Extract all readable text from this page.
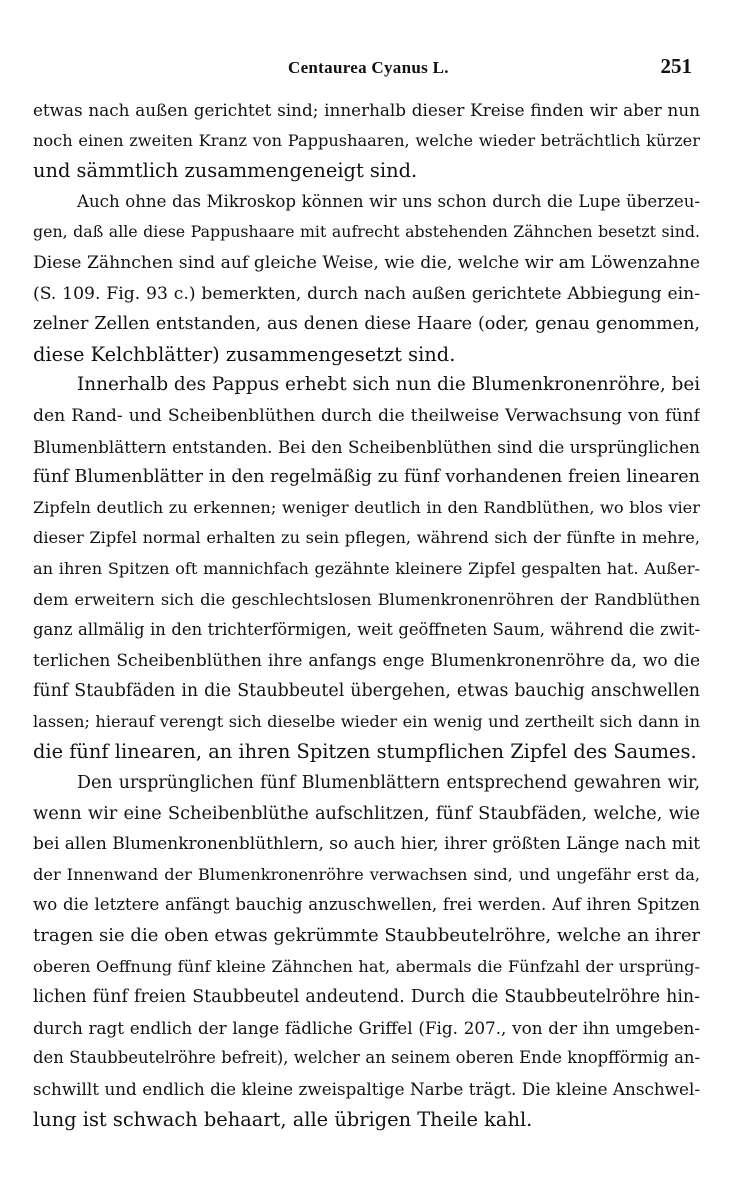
Centaurea Cyanus L.	251
etwas nach außen gerichtet sind; innerhalb dieser Kreise finden wir aber nun
noch einen zweiten Kranz von Pappushaaren, welche wieder beträchtlich kürzer
und sämmtlich zusammengeneigt sind.
Auch ohne das Mikroskop können wir uns schon durch die Lupe überzeu-
gen, daß alle diese Pappushaare mit aufrecht abstehenden Zähnchen besetzt sind.
Diese Zähnchen sind auf gleiche Weise, wie die, welche wir am Löwenzahne
(S. 109. Fig. 93 c.) bemerkten, durch nach außen gerichtete Abbiegung ein-
zelner Zellen entstanden, aus denen diese Haare (oder, genau genommen,
diese Kelchblätter) zusammengesetzt sind.
Innerhalb des Pappus erhebt sich nun die Blumenkronenröhre, bei
den Rand- und Scheibenblüthen durch die theilweise Verwachsung von fünf
Blumenblättern entstanden. Bei den Scheibenblüthen sind die ursprünglichen
fünf Blumenblätter in den regelmäßig zu fünf vorhandenen freien linearen
Zipfeln deutlich zu erkennen; weniger deutlich in den Randblüthen, wo blos vier
dieser Zipfel normal erhalten zu sein pflegen, während sich der fünfte in mehre,
an ihren Spitzen oft mannichfach gezähnte kleinere Zipfel gespalten hat. Außer-
dem erweitern sich die geschlechtslosen Blumenkronenröhren der Randblüthen
ganz allmälig in den trichterförmigen, weit geöffneten Saum, während die zwit-
terlichen Scheibenblüthen ihre anfangs enge Blumenkronenröhre da, wo die
fünf Staubfäden in die Staubbeutel übergehen, etwas bauchig anschwellen
lassen; hierauf verengt sich dieselbe wieder ein wenig und zertheilt sich dann in
die fünf linearen, an ihren Spitzen stumpflichen Zipfel des Saumes.
Den ursprünglichen fünf Blumenblättern entsprechend gewahren wir,
wenn wir eine Scheibenblüthe aufschlitzen, fünf Staubfäden, welche, wie
bei allen Blumenkronenblüthlern, so auch hier, ihrer größten Länge nach mit
der Innenwand der Blumenkronenröhre verwachsen sind, und ungefähr erst da,
wo die letztere anfängt bauchig anzuschwellen, frei werden. Auf ihren Spitzen
tragen sie die oben etwas gekrümmte Staubbeutelröhre, welche an ihrer
oberen Oeffnung fünf kleine Zähnchen hat, abermals die Fünfzahl der ursprüng-
lichen fünf freien Staubbeutel andeutend. Durch die Staubbeutelröhre hin-
durch ragt endlich der lange fädliche Griffel (Fig. 207., von der ihn umgeben-
den Staubbeutelröhre befreit), welcher an seinem oberen Ende knopfförmig an-
schwillt und endlich die kleine zweispaltige Narbe trägt. Die kleine Anschwel-
lung ist schwach behaart, alle übrigen Theile kahl.
